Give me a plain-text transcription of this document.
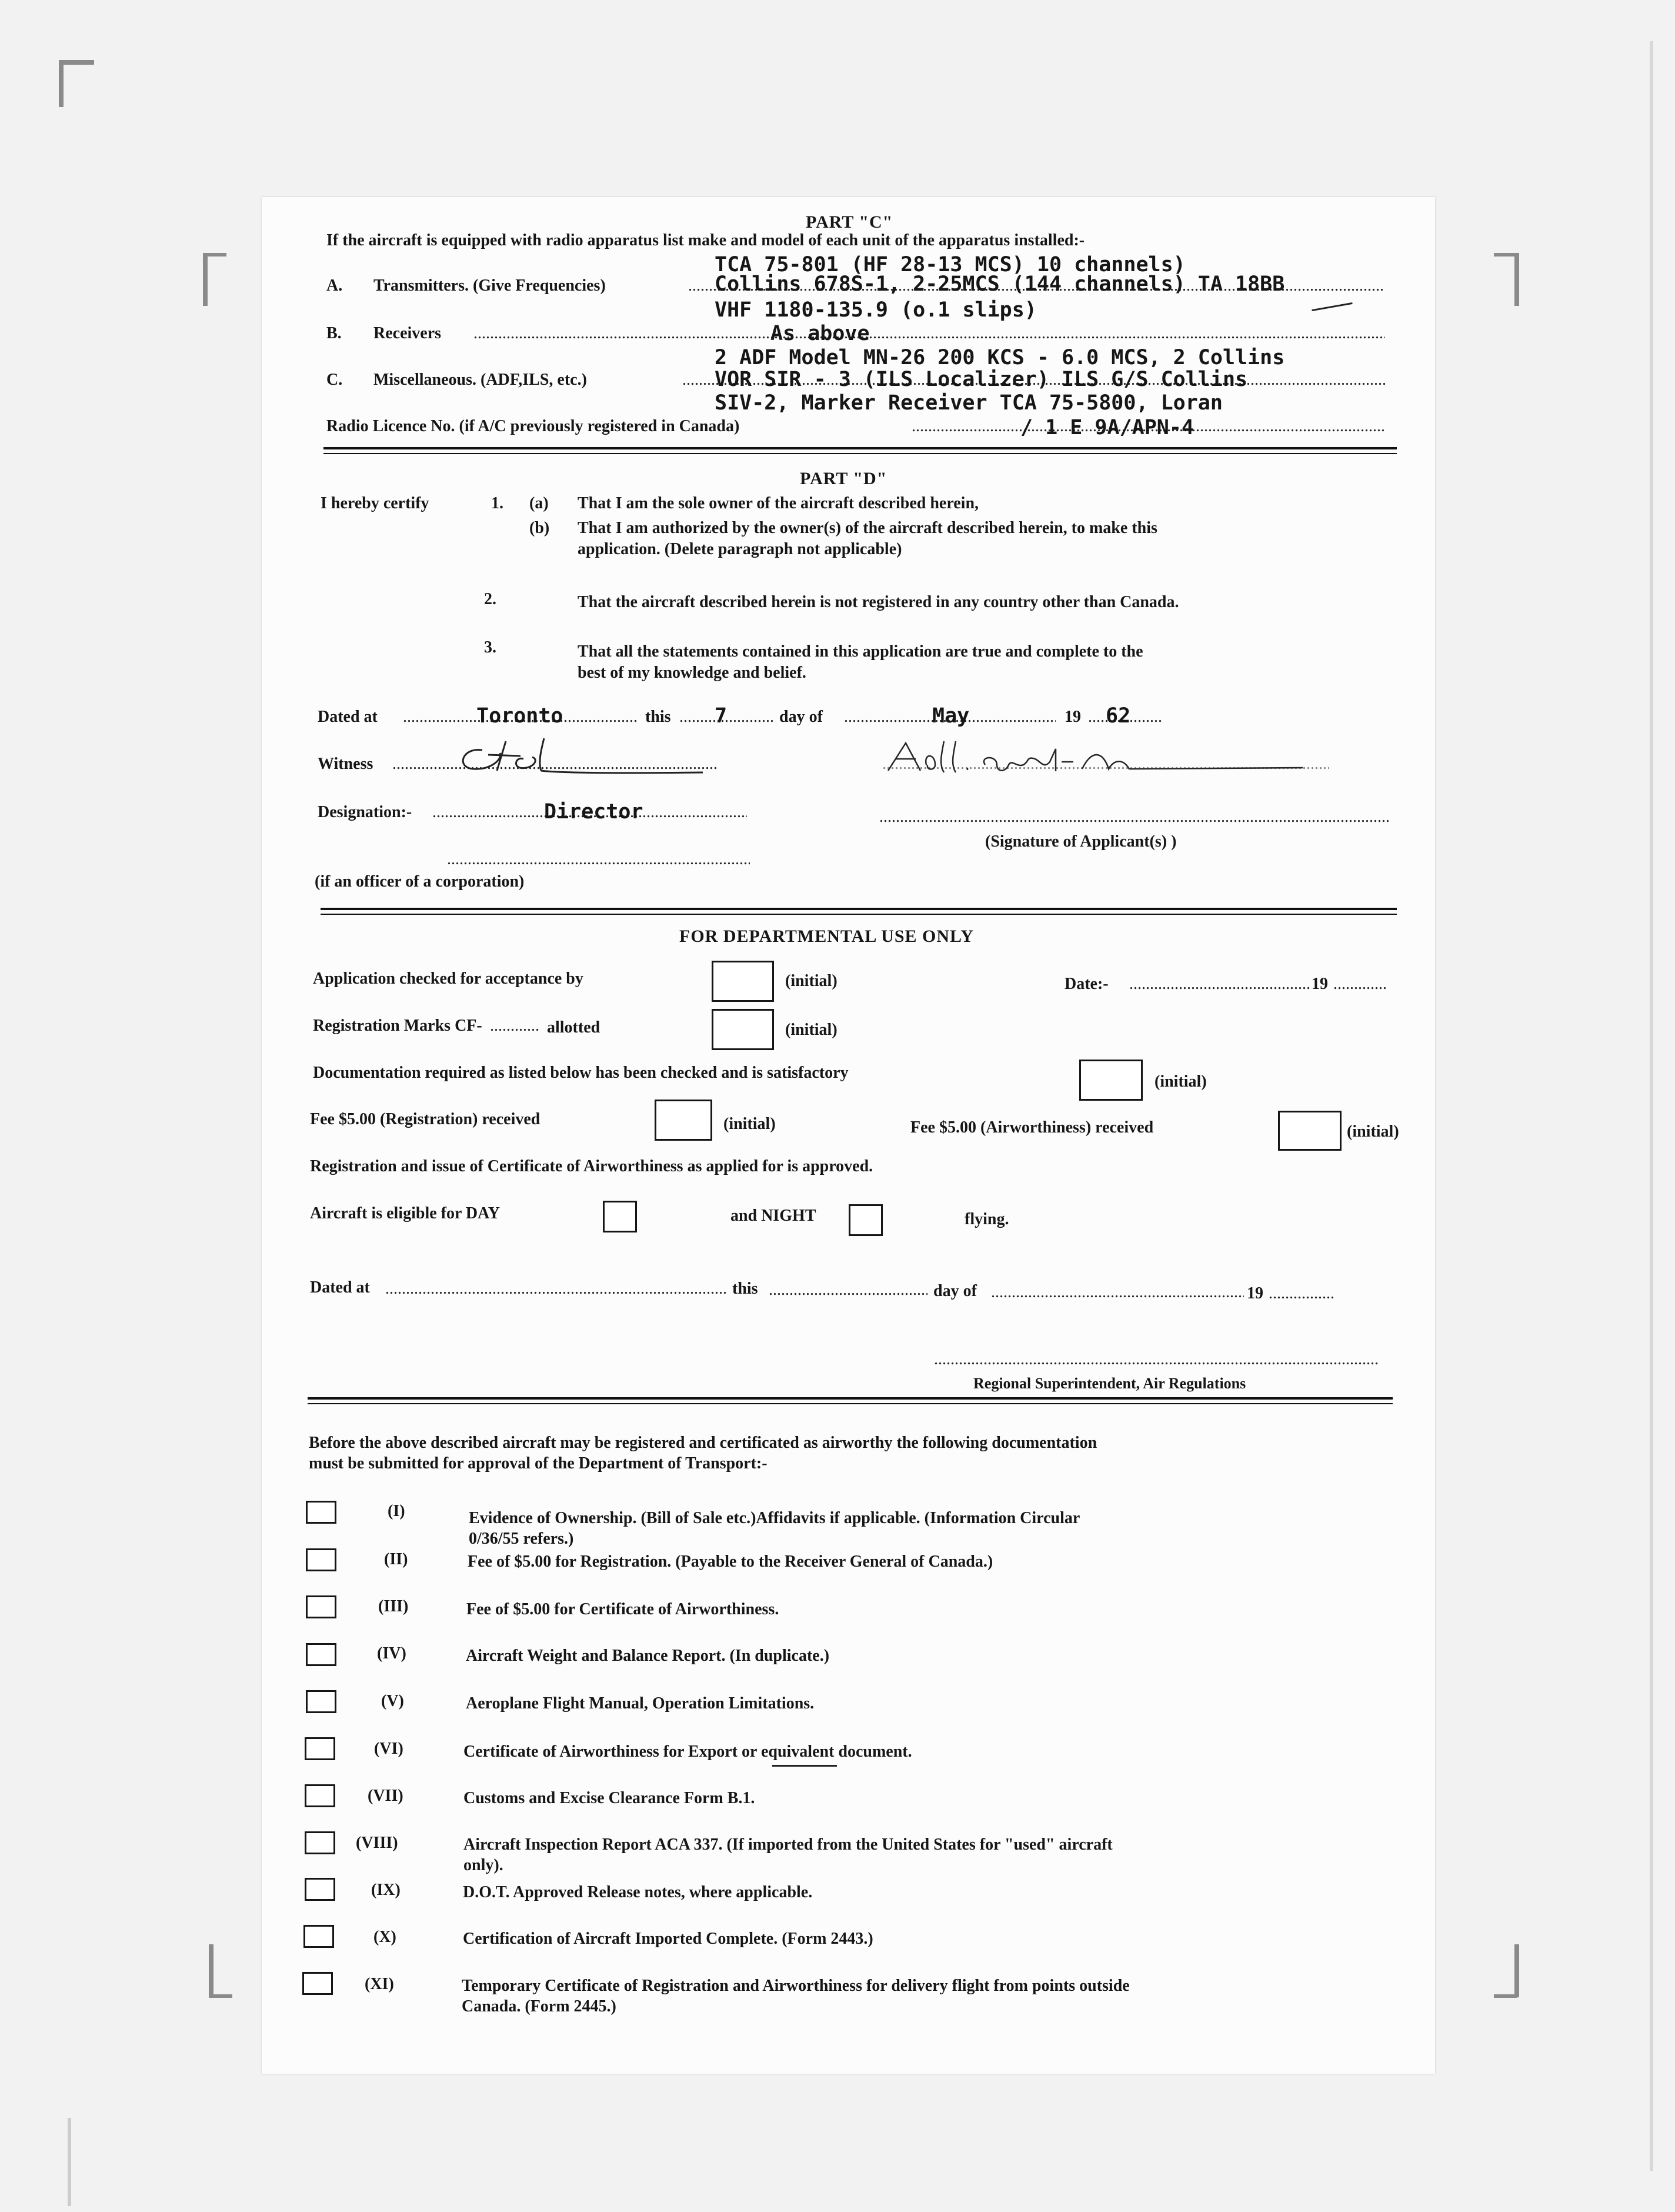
PART "C"
If the aircraft is equipped with radio apparatus list make and model of each unit of the apparatus installed:-
TCA 75-801 (HF 28-13 MCS) 10 channels)
A. Transmitters. (Give Frequencies) .....	Collins 678S-1, 2-25MCS (144 channels) TA 18BB
VHF 1180-135.9 (o.1 slips)
B. Receivers .....	As above
2 ADF Model MN-26 200 KCS - 6.0 MCS, 2 Collins
C. Miscellaneous. (ADF,ILS, etc.) .....	VOR SIR - 3 (ILS Localizer) ILS G/S Collins
SIV-2, Marker Receiver TCA 75-5800, Loran
Radio Licence No. (if A/C previously registered in Canada) .....	/ 1 E 9A/APN-4
PART "D"
I hereby certify	1. (a) That I am the sole owner of the aircraft described herein,
(b) That I am authorized by the owner(s) of the aircraft described herein, to make this
application. (Delete paragraph not applicable)
2.	That the aircraft described herein is not registered in any country other than Canada.
3.	That all the statements contained in this application are true and complete to the
best of my knowledge and belief.
Dated at .....	Toronto	this ..... 7	day of .....	May	19 ..... 62
Witness
.....
.....
Designation:- .....	Director
.....
(Signature of Applicant(s) )
.....
(if an officer of a corporation)
FOR DEPARTMENTAL USE ONLY
Application checked for acceptance by	(initial)	Date:- .....	19
.....
Registration Marks CF- .....	allotted	(initial)
Documentation required as listed below has been checked and is satisfactory	(initial)
Fee $5.00 (Registration) received	(initial)	Fee $5.00 (Airworthiness) received	(initial)
Registration and issue of Certificate of Airworthiness as applied for is approved.
Aircraft is eligible for DAY	and NIGHT	flying.
Dated at .....	this .....	day of .....	19
.....
.....
Regional Superintendent, Air Regulations
Before the above described aircraft may be registered and certificated as airworthy the following documentation
must be submitted for approval of the Department of Transport:-
(I)	Evidence of Ownership. (Bill of Sale etc.)Affidavits if applicable. (Information Circular
0/36/55 refers.)
(II)	Fee of $5.00 for Registration. (Payable to the Receiver General of Canada.)
(III)	Fee of $5.00 for Certificate of Airworthiness.
(IV)	Aircraft Weight and Balance Report. (In duplicate.)
(V)	Aeroplane Flight Manual, Operation Limitations.
(VI)	Certificate of Airworthiness for Export or equivalent document.
(VII)	Customs and Excise Clearance Form B.1.
(VIII)	Aircraft Inspection Report ACA 337. (If imported from the United States for "used" aircraft
only).
(IX)	D.O.T. Approved Release notes, where applicable.
(X)	Certification of Aircraft Imported Complete. (Form 2443.)
(XI)	Temporary Certificate of Registration and Airworthiness for delivery flight from points outside
Canada. (Form 2445.)
